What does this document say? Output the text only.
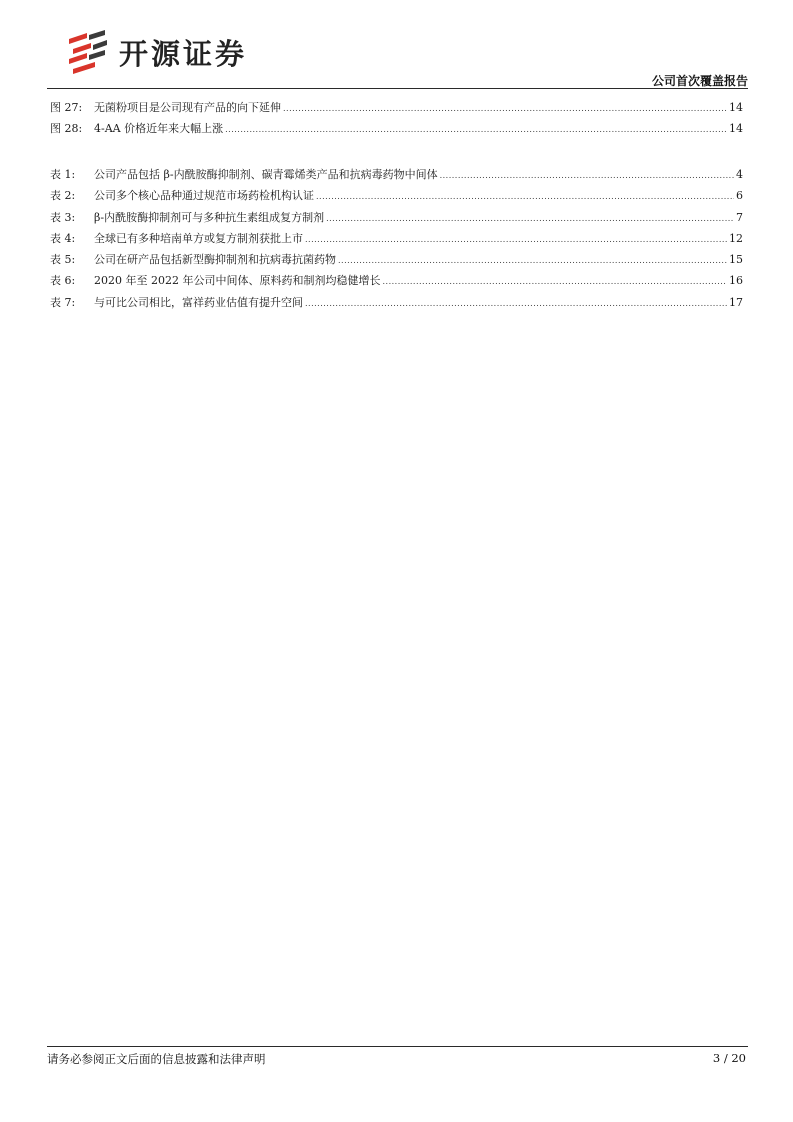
开源证券
公司首次覆盖报告
图 27:	无菌粉项目是公司现有产品的向下延伸 .....	14
图 28:	4-AA 价格近年来大幅上涨 .....	14
表 1:	公司产品包括 β-内酰胺酶抑制剂、碳青霉烯类产品和抗病毒药物中间体 .....	4
表 2:	公司多个核心品种通过规范市场药检机构认证 .....	6
表 3:	β-内酰胺酶抑制剂可与多种抗生素组成复方制剂 .....	7
表 4:	全球已有多种培南单方或复方制剂获批上市 .....	12
表 5:	公司在研产品包括新型酶抑制剂和抗病毒抗菌药物 .....	15
表 6:	2020 年至 2022 年公司中间体、原料药和制剂均稳健增长 .....	16
表 7:	与可比公司相比，富祥药业估值有提升空间 .....	17
请务必参阅正文后面的信息披露和法律声明	3 / 20
